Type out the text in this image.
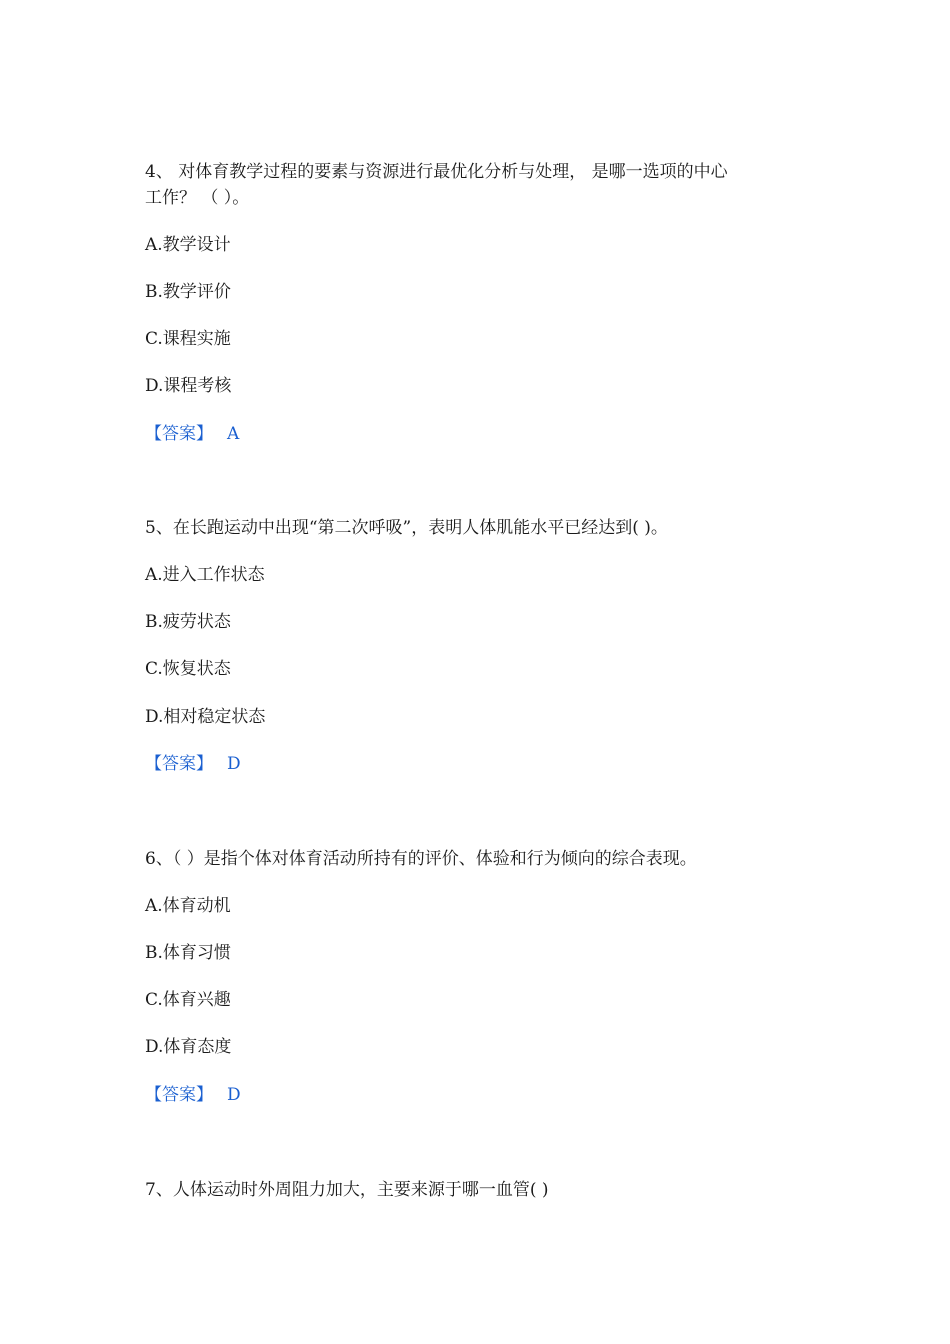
4、 对体育教学过程的要素与资源进行最优化分析与处理， 是哪一选项的中心
工作？ （ ）。
A.教学设计
B.教学评价
C.课程实施
D.课程考核
【答案】 A
5、在长跑运动中出现“第二次呼吸”，表明人体肌能水平已经达到( )。
A.进入工作状态
B.疲劳状态
C.恢复状态
D.相对稳定状态
【答案】 D
6、（ ）是指个体对体育活动所持有的评价、体验和行为倾向的综合表现。
A.体育动机
B.体育习惯
C.体育兴趣
D.体育态度
【答案】 D
7、人体运动时外周阻力加大，主要来源于哪一血管( )
